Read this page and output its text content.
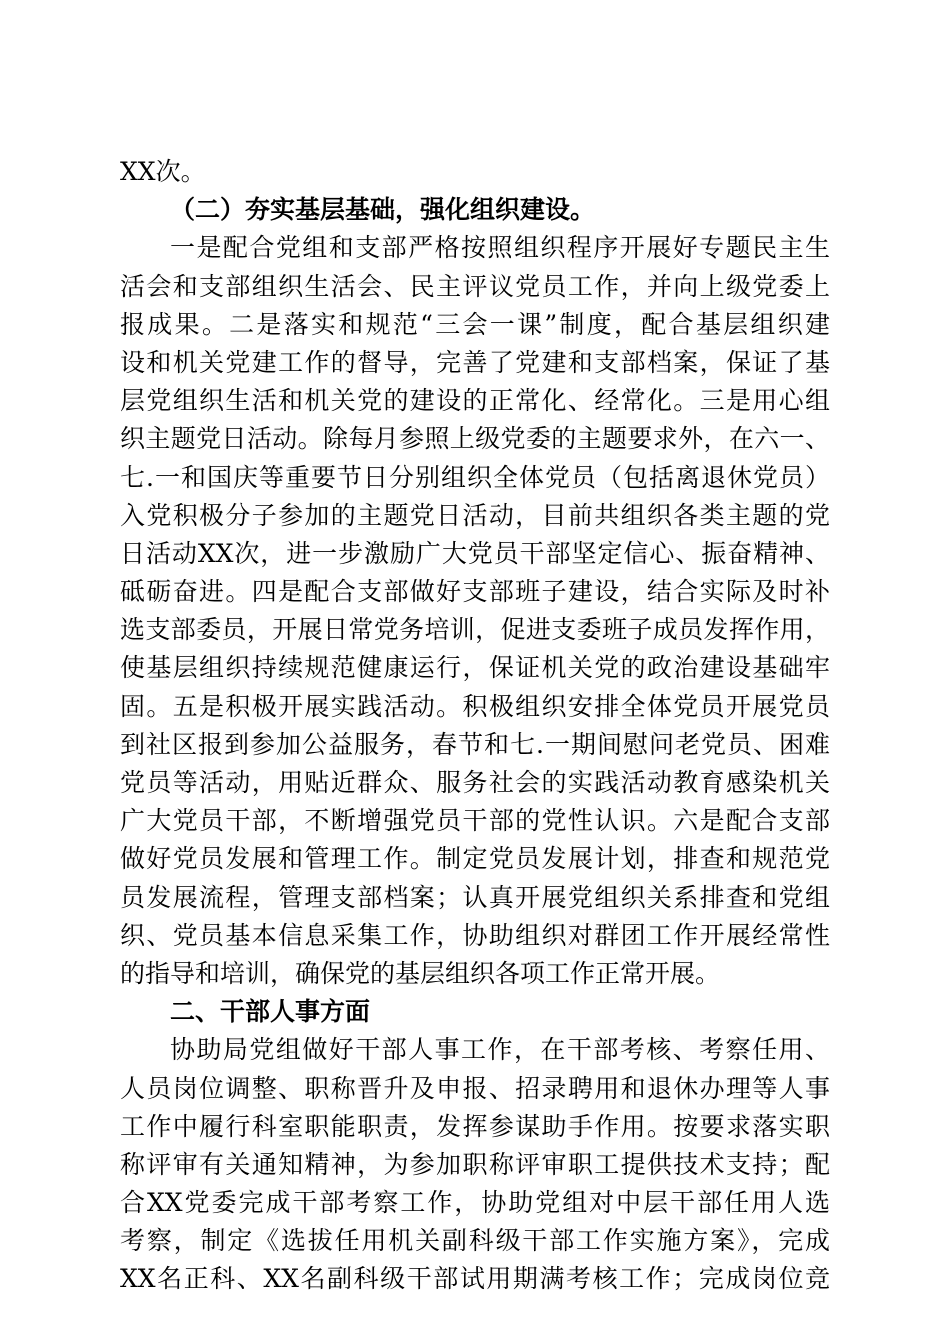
XX次。
（二）夯实基层基础，强化组织建设。
一是配合党组和支部严格按照组织程序开展好专题民主生
活会和支部组织生活会、民主评议党员工作，并向上级党委上
报成果。二是落实和规范“三会一课”制度，配合基层组织建
设和机关党建工作的督导，完善了党建和支部档案，保证了基
层党组织生活和机关党的建设的正常化、经常化。三是用心组
织主题党日活动。除每月参照上级党委的主题要求外，在六一、
七.一和国庆等重要节日分别组织全体党员（包括离退休党员）
入党积极分子参加的主题党日活动，目前共组织各类主题的党
日活动XX次，进一步激励广大党员干部坚定信心、振奋精神、
砥砺奋进。四是配合支部做好支部班子建设，结合实际及时补
选支部委员，开展日常党务培训，促进支委班子成员发挥作用，
使基层组织持续规范健康运行，保证机关党的政治建设基础牢
固。五是积极开展实践活动。积极组织安排全体党员开展党员
到社区报到参加公益服务，春节和七.一期间慰问老党员、困难
党员等活动，用贴近群众、服务社会的实践活动教育感染机关
广大党员干部，不断增强党员干部的党性认识。六是配合支部
做好党员发展和管理工作。制定党员发展计划，排查和规范党
员发展流程，管理支部档案；认真开展党组织关系排查和党组
织、党员基本信息采集工作，协助组织对群团工作开展经常性
的指导和培训，确保党的基层组织各项工作正常开展。
二、干部人事方面
协助局党组做好干部人事工作，在干部考核、考察任用、
人员岗位调整、职称晋升及申报、招录聘用和退休办理等人事
工作中履行科室职能职责，发挥参谋助手作用。按要求落实职
称评审有关通知精神，为参加职称评审职工提供技术支持；配
合XX党委完成干部考察工作，协助党组对中层干部任用人选
考察，制定《选拔任用机关副科级干部工作实施方案》，完成
XX名正科、XX名副科级干部试用期满考核工作；完成岗位竞
